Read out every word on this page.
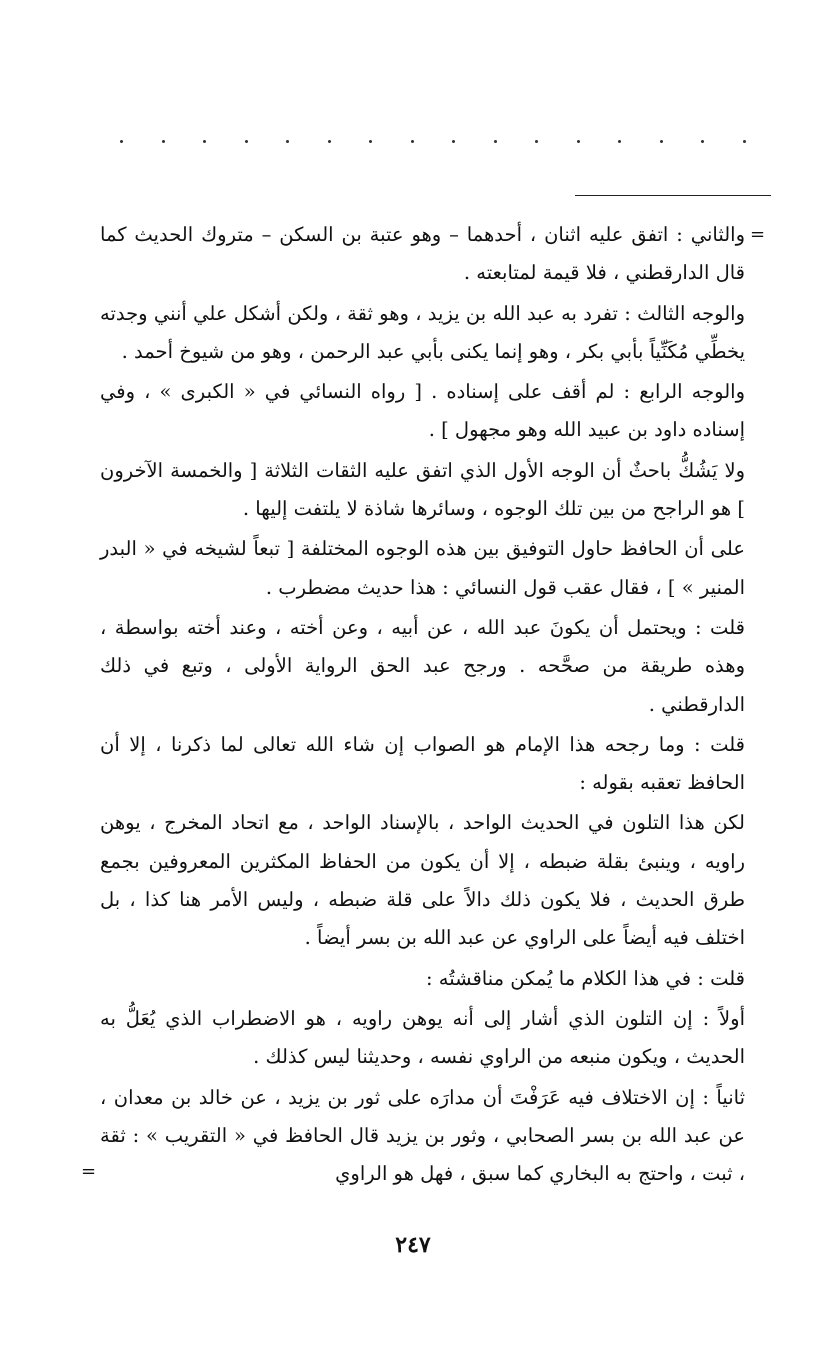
=

والثاني : اتفق عليه اثنان ، أحدهما – وهو عتبة بن السكن – متروك الحديث كما قال الدارقطني ، فلا قيمة لمتابعته .

والوجه الثالث : تفرد به عبد الله بن يزيد ، وهو ثقة ، ولكن أشكل علي أنني وجدته يخطِّي مُكَنِّياً بأبي بكر ، وهو إنما يكنى بأبي عبد الرحمن ، وهو من شيوخ أحمد .

والوجه الرابع : لم أقف على إسناده . [ رواه النسائي في « الكبرى » ، وفي إسناده داود بن عبيد الله وهو مجهول ] .

ولا يَشُكُّ باحثٌ أن الوجه الأول الذي اتفق عليه الثقات الثلاثة [ والخمسة الآخرون ] هو الراجح من بين تلك الوجوه ، وسائرها شاذة لا يلتفت إليها .

على أن الحافظ حاول التوفيق بين هذه الوجوه المختلفة [ تبعاً لشيخه في « البدر المنير » ] ، فقال عقب قول النسائي : هذا حديث مضطرب .

قلت : ويحتمل أن يكونَ عبد الله ، عن أبيه ، وعن أخته ، وعند أخته بواسطة ، وهذه طريقة من صحَّحه . ورجح عبد الحق الرواية الأولى ، وتبع في ذلك الدارقطني .

قلت : وما رجحه هذا الإمام هو الصواب إن شاء الله تعالى لما ذكرنا ، إلا أن الحافظ تعقبه بقوله :

لكن هذا التلون في الحديث الواحد ، بالإسناد الواحد ، مع اتحاد المخرج ، يوهن راويه ، وينبئ بقلة ضبطه ، إلا أن يكون من الحفاظ المكثرين المعروفين بجمع طرق الحديث ، فلا يكون ذلك دالاً على قلة ضبطه ، وليس الأمر هنا كذا ، بل اختلف فيه أيضاً على الراوي عن عبد الله بن بسر أيضاً .

قلت : في هذا الكلام ما يُمكن مناقشتُه :

أولاً : إن التلون الذي أشار إلى أنه يوهن راويه ، هو الاضطراب الذي يُعَلُّ به الحديث ، ويكون منبعه من الراوي نفسه ، وحديثنا ليس كذلك .

ثانياً : إن الاختلاف فيه عَرَفْتَ أن مدارَه على ثور بن يزيد ، عن خالد بن معدان ، عن عبد الله بن بسر الصحابي ، وثور بن يزيد قال الحافظ في « التقريب » : ثقة ، ثبت ، واحتج به البخاري كما سبق ، فهل هو الراوي

=
٢٤٧
